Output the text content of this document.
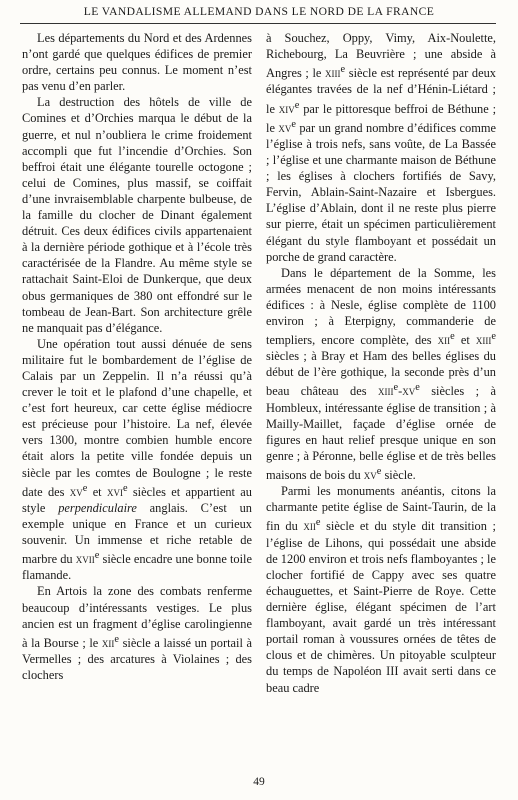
LE VANDALISME ALLEMAND DANS LE NORD DE LA FRANCE

Les départements du Nord et des Ardennes n’ont gardé que quelques édifices de premier ordre, certains peu connus. Le moment n’est pas venu d’en parler.

La destruction des hôtels de ville de Comines et d’Orchies marqua le début de la guerre, et nul n’oubliera le crime froidement accompli que fut l’incendie d’Orchies. Son beffroi était une élégante tourelle octogone ; celui de Comines, plus massif, se coiffait d’une invraisemblable charpente bulbeuse, de la famille du clocher de Dinant également détruit. Ces deux édifices civils appartenaient à la dernière période gothique et à l’école très caractérisée de la Flandre. Au même style se rattachait Saint-Eloi de Dunkerque, que deux obus germaniques de 380 ont effondré sur le tombeau de Jean-Bart. Son architecture grêle ne manquait pas d’élégance.

Une opération tout aussi dénuée de sens militaire fut le bombardement de l’église de Calais par un Zeppelin. Il n’a réussi qu’à crever le toit et le plafond d’une chapelle, et c’est fort heureux, car cette église médiocre est précieuse pour l’histoire. La nef, élevée vers 1300, montre combien humble encore était alors la petite ville fondée depuis un siècle par les comtes de Boulogne ; le reste date des $xv^e$ et xvi$^e$ siècles et appartient au style perpendiculaire anglais. C’est un exemple unique en France et un curieux souvenir. Un immense et riche retable de marbre du xvii$^e$ siècle encadre une bonne toile flamande.

En Artois la zone des combats renferme beaucoup d’intéressants vestiges. Le plus ancien est un fragment d’église carolingienne à la Bourse ; le xii$^e$ siècle a laissé un portail à Vermelles ; des arcatures à Violaines ; des clochers

à Souchez, Oppy, Vimy, Aix-Noulette, Richebourg, La Beuvrière ; une abside à Angres ; le xiii$^e$ siècle est représenté par deux élégantes travées de la nef d’Hénin-Liétard ; le xiv$^e$ par le pittoresque beffroi de Béthune ; le $xv^e$ par un grand nombre d’édifices comme l’église à trois nefs, sans voûte, de La Bassée ; l’église et une charmante maison de Béthune ; les églises à clochers fortifiés de Savy, Fervin, Ablain-Saint-Nazaire et Isbergues. L’église d’Ablain, dont il ne reste plus pierre sur pierre, était un spécimen particulièrement élégant du style flamboyant et possédait un porche de grand caractère.

Dans le département de la Somme, les armées menacent de non moins intéressants édifices : à Nesle, église complète de 1100 environ ; à Eterpigny, commanderie de templiers, encore complète, des xii$^e$ et xiii$^e$ siècles ; à Bray et Ham des belles églises du début de l’ère gothique, la seconde près d’un beau château des $xiii^e-xv^e$ siècles ; à Hombleux, intéressante église de transition ; à Mailly-Maillet, façade d’église ornée de figures en haut relief presque unique en son genre ; à Péronne, belle église et de très belles maisons de bois du $xv^e$ siècle.

Parmi les monuments anéantis, citons la charmante petite église de Saint-Taurin, de la fin du xii$^e$ siècle et du style dit transition ; l’église de Lihons, qui possédait une abside de 1200 environ et trois nefs flamboyantes ; le clocher fortifié de Cappy avec ses quatre échauguettes, et Saint-Pierre de Roye. Cette dernière église, élégant spécimen de l’art flamboyant, avait gardé un très intéressant portail roman à voussures ornées de têtes de clous et de chimères. Un pitoyable sculpteur du temps de Napoléon III avait serti dans ce beau cadre

49
